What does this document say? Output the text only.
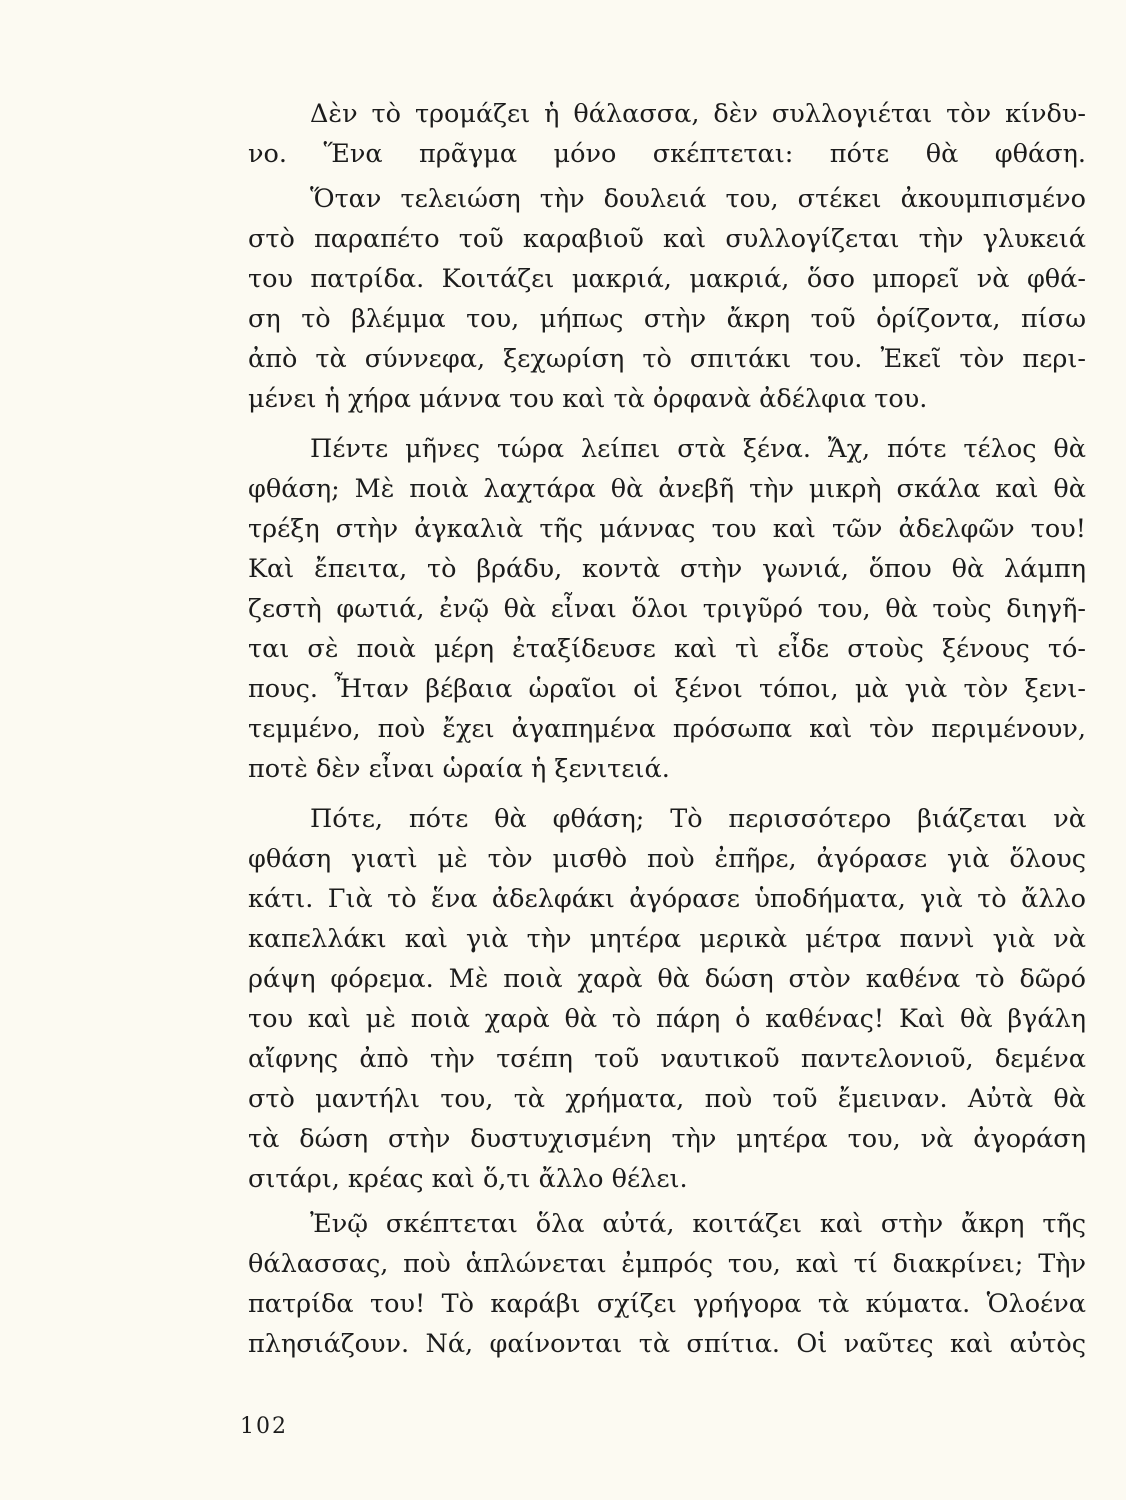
Δὲν τὸ τρομάζει ἡ θάλασσα, δὲν συλλογιέται τὸν κίνδυ-
νο. Ἕνα πρᾶγμα μόνο σκέπτεται: πότε θὰ φθάση.
Ὅταν τελειώση τὴν δουλειά του, στέκει ἀκουμπισμένο
στὸ παραπέτο τοῦ καραβιοῦ καὶ συλλογίζεται τὴν γλυκειά
του πατρίδα. Κοιτάζει μακριά, μακριά, ὅσο μπορεῖ νὰ φθά-
ση τὸ βλέμμα του, μήπως στὴν ἄκρη τοῦ ὁρίζοντα, πίσω
ἀπὸ τὰ σύννεφα, ξεχωρίση τὸ σπιτάκι του. Ἐκεῖ τὸν περι-
μένει ἡ χήρα μάννα του καὶ τὰ ὀρφανὰ ἀδέλφια του.
Πέντε μῆνες τώρα λείπει στὰ ξένα. Ἄχ, πότε τέλος θὰ
φθάση; Μὲ ποιὰ λαχτάρα θὰ ἀνεβῆ τὴν μικρὴ σκάλα καὶ θὰ
τρέξη στὴν ἀγκαλιὰ τῆς μάννας του καὶ τῶν ἀδελφῶν του!
Καὶ ἔπειτα, τὸ βράδυ, κοντὰ στὴν γωνιά, ὅπου θὰ λάμπη
ζεστὴ φωτιά, ἐνῷ θὰ εἶναι ὅλοι τριγῦρό του, θὰ τοὺς διηγῆ-
ται σὲ ποιὰ μέρη ἐταξίδευσε καὶ τὶ εἶδε στοὺς ξένους τό-
πους. Ἦταν βέβαια ὡραῖοι οἱ ξένοι τόποι, μὰ γιὰ τὸν ξενι-
τεμμένο, ποὺ ἔχει ἀγαπημένα πρόσωπα καὶ τὸν περιμένουν,
ποτὲ δὲν εἶναι ὡραία ἡ ξενιτειά.
Πότε, πότε θὰ φθάση; Τὸ περισσότερο βιάζεται νὰ
φθάση γιατὶ μὲ τὸν μισθὸ ποὺ ἐπῆρε, ἀγόρασε γιὰ ὅλους
κάτι. Γιὰ τὸ ἕνα ἀδελφάκι ἀγόρασε ὑποδήματα, γιὰ τὸ ἄλλο
καπελλάκι καὶ γιὰ τὴν μητέρα μερικὰ μέτρα παννὶ γιὰ νὰ
ράψη φόρεμα. Μὲ ποιὰ χαρὰ θὰ δώση στὸν καθένα τὸ δῶρό
του καὶ μὲ ποιὰ χαρὰ θὰ τὸ πάρη ὁ καθένας! Καὶ θὰ βγάλη
αἴφνης ἀπὸ τὴν τσέπη τοῦ ναυτικοῦ παντελονιοῦ, δεμένα
στὸ μαντήλι του, τὰ χρήματα, ποὺ τοῦ ἔμειναν. Αὐτὰ θὰ
τὰ δώση στὴν δυστυχισμένη τὴν μητέρα του, νὰ ἀγοράση
σιτάρι, κρέας καὶ ὅ,τι ἄλλο θέλει.
Ἐνῷ σκέπτεται ὅλα αὐτά, κοιτάζει καὶ στὴν ἄκρη τῆς
θάλασσας, ποὺ ἁπλώνεται ἐμπρός του, καὶ τί διακρίνει; Τὴν
πατρίδα του! Τὸ καράβι σχίζει γρήγορα τὰ κύματα. Ὁλοένα
πλησιάζουν. Νά, φαίνονται τὰ σπίτια. Οἱ ναῦτες καὶ αὐτὸς
102
